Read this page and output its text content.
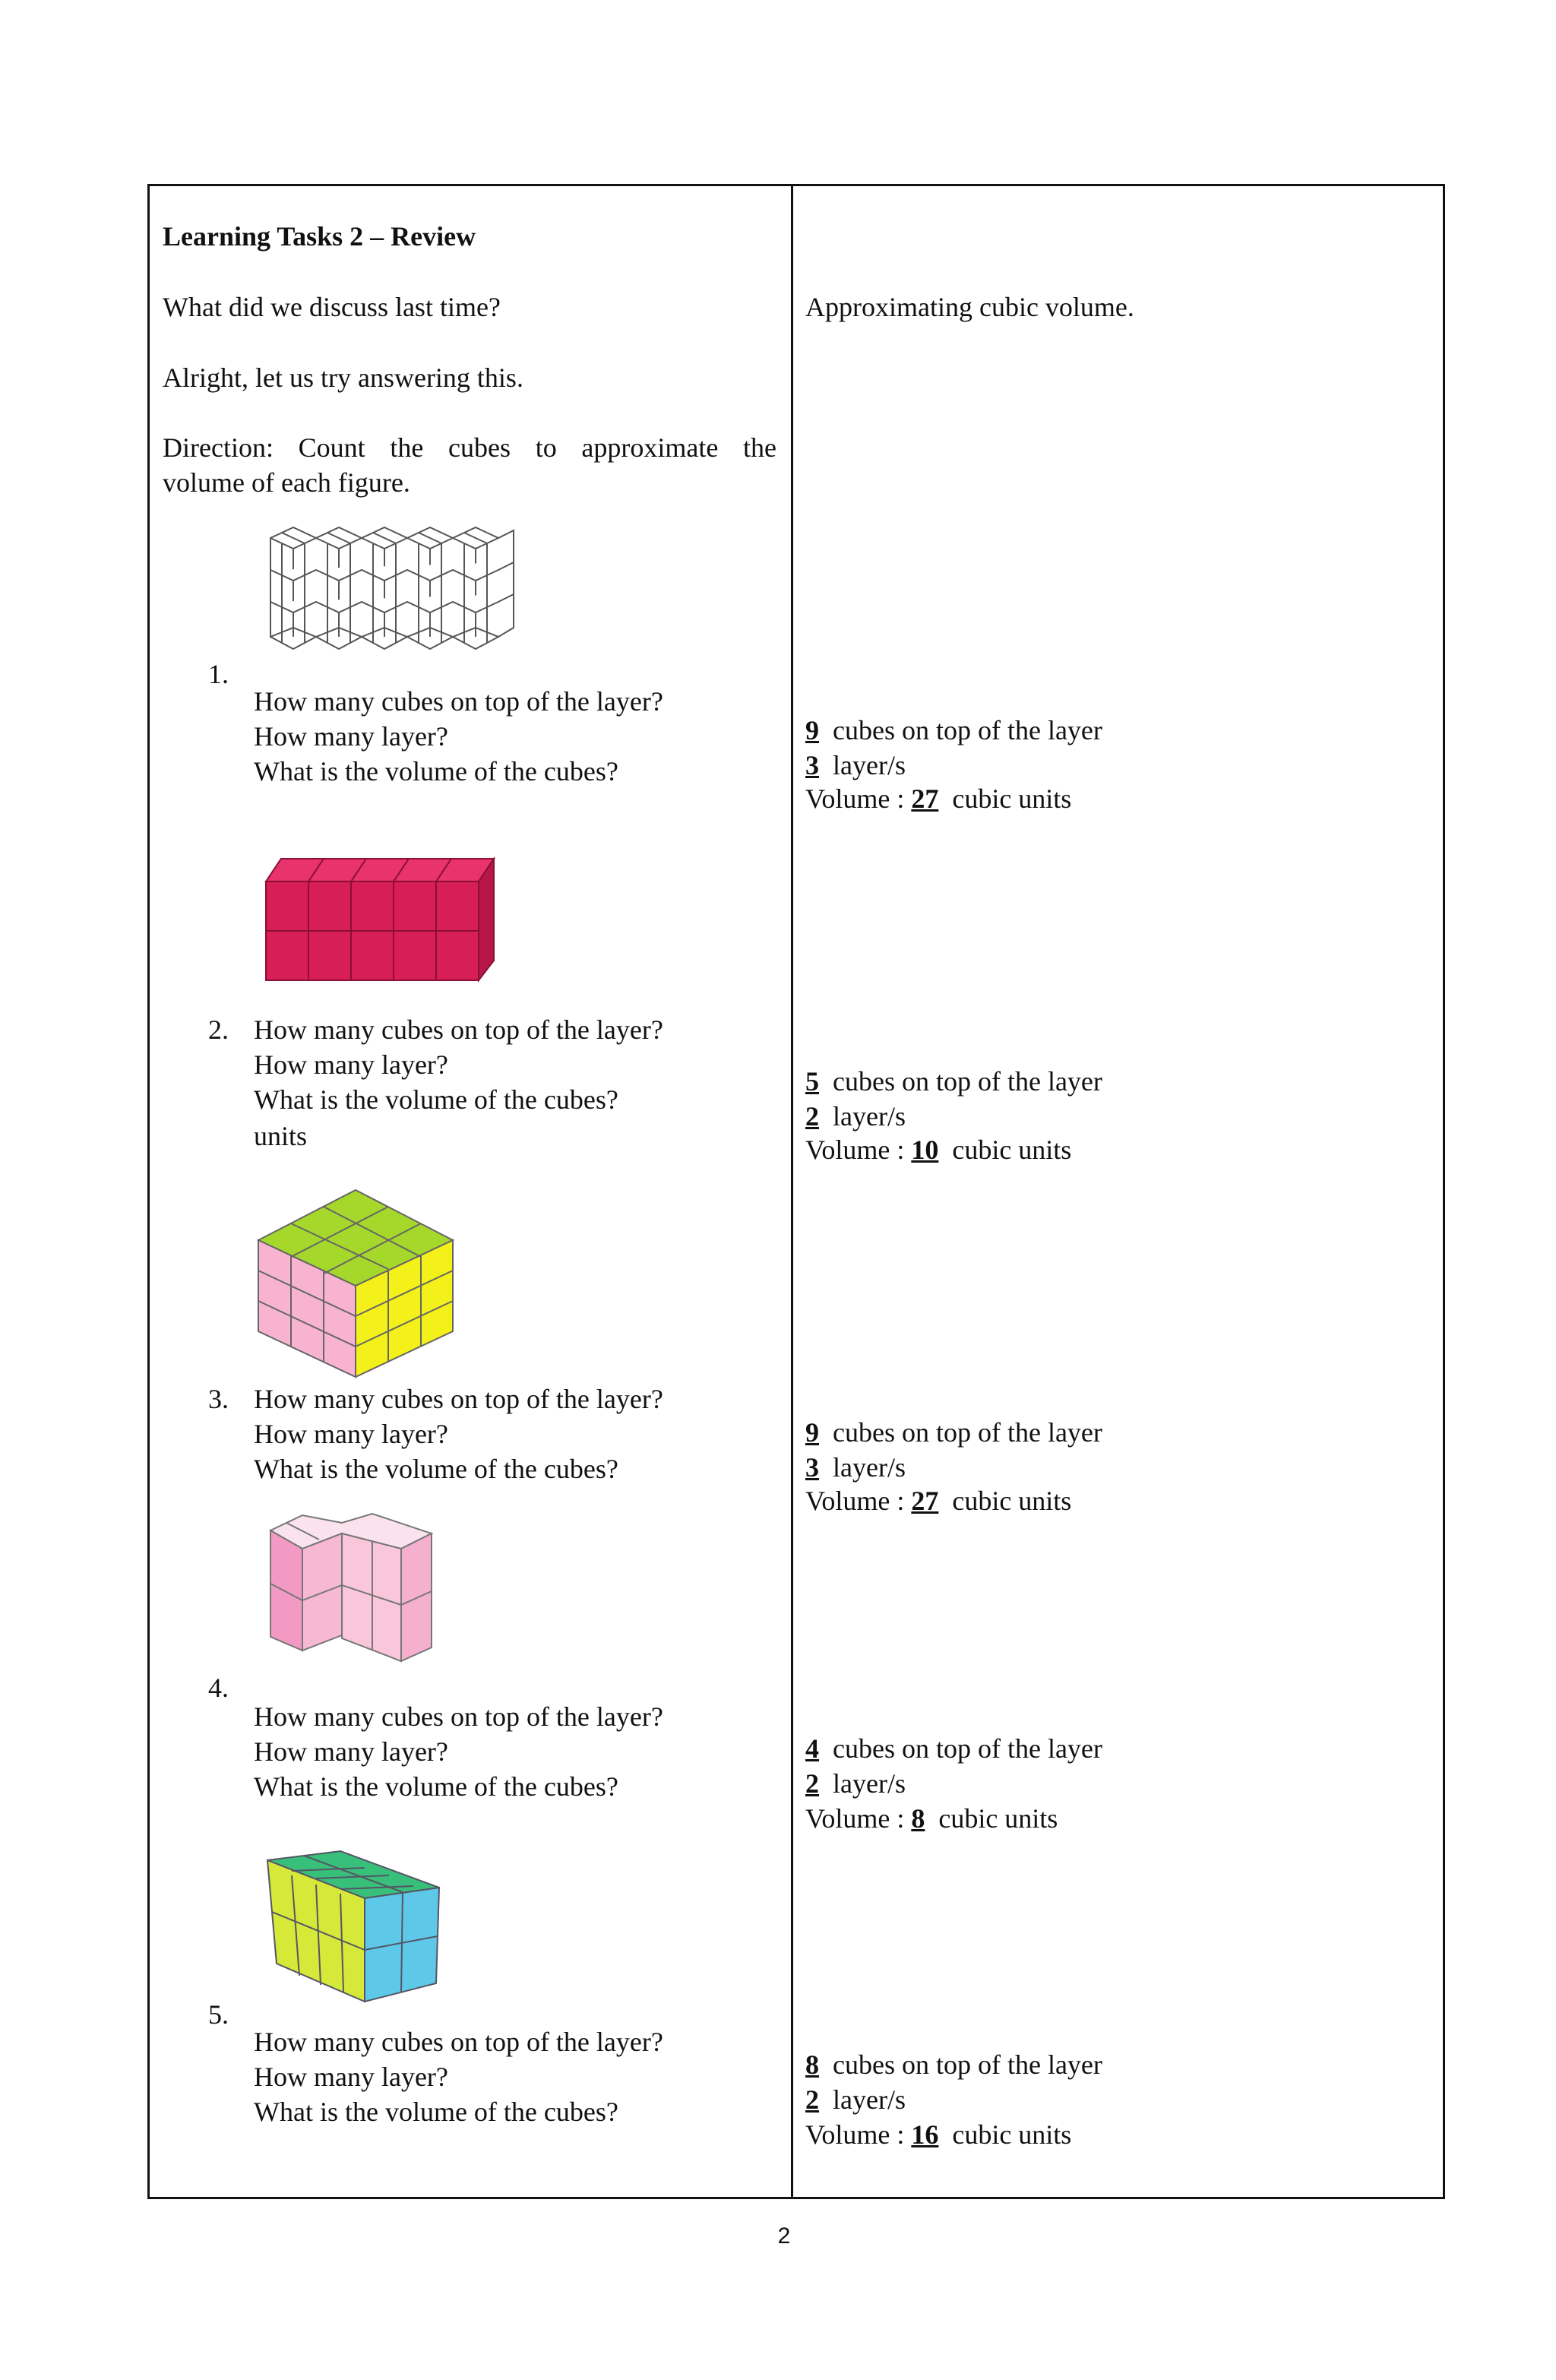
Learning Tasks 2 – Review
What did we discuss last time?	Approximating cubic volume.
Alright, let us try answering this.
Direction: Count the cubes to approximate the
volume of each figure.
1.
How many cubes on top of the layer?
How many layer?
What is the volume of the cubes?
9 cubes on top of the layer
3 layer/s
Volume : 27 cubic units
2. How many cubes on top of the layer?
How many layer?
What is the volume of the cubes?
units
5 cubes on top of the layer
2 layer/s
Volume : 10 cubic units
3. How many cubes on top of the layer?
How many layer?
What is the volume of the cubes?
9 cubes on top of the layer
3 layer/s
Volume : 27 cubic units
4.
How many cubes on top of the layer?
How many layer?
What is the volume of the cubes?
4 cubes on top of the layer
2 layer/s
Volume : 8 cubic units
5.
How many cubes on top of the layer?
How many layer?
What is the volume of the cubes?
8 cubes on top of the layer
2 layer/s
Volume : 16 cubic units
2
